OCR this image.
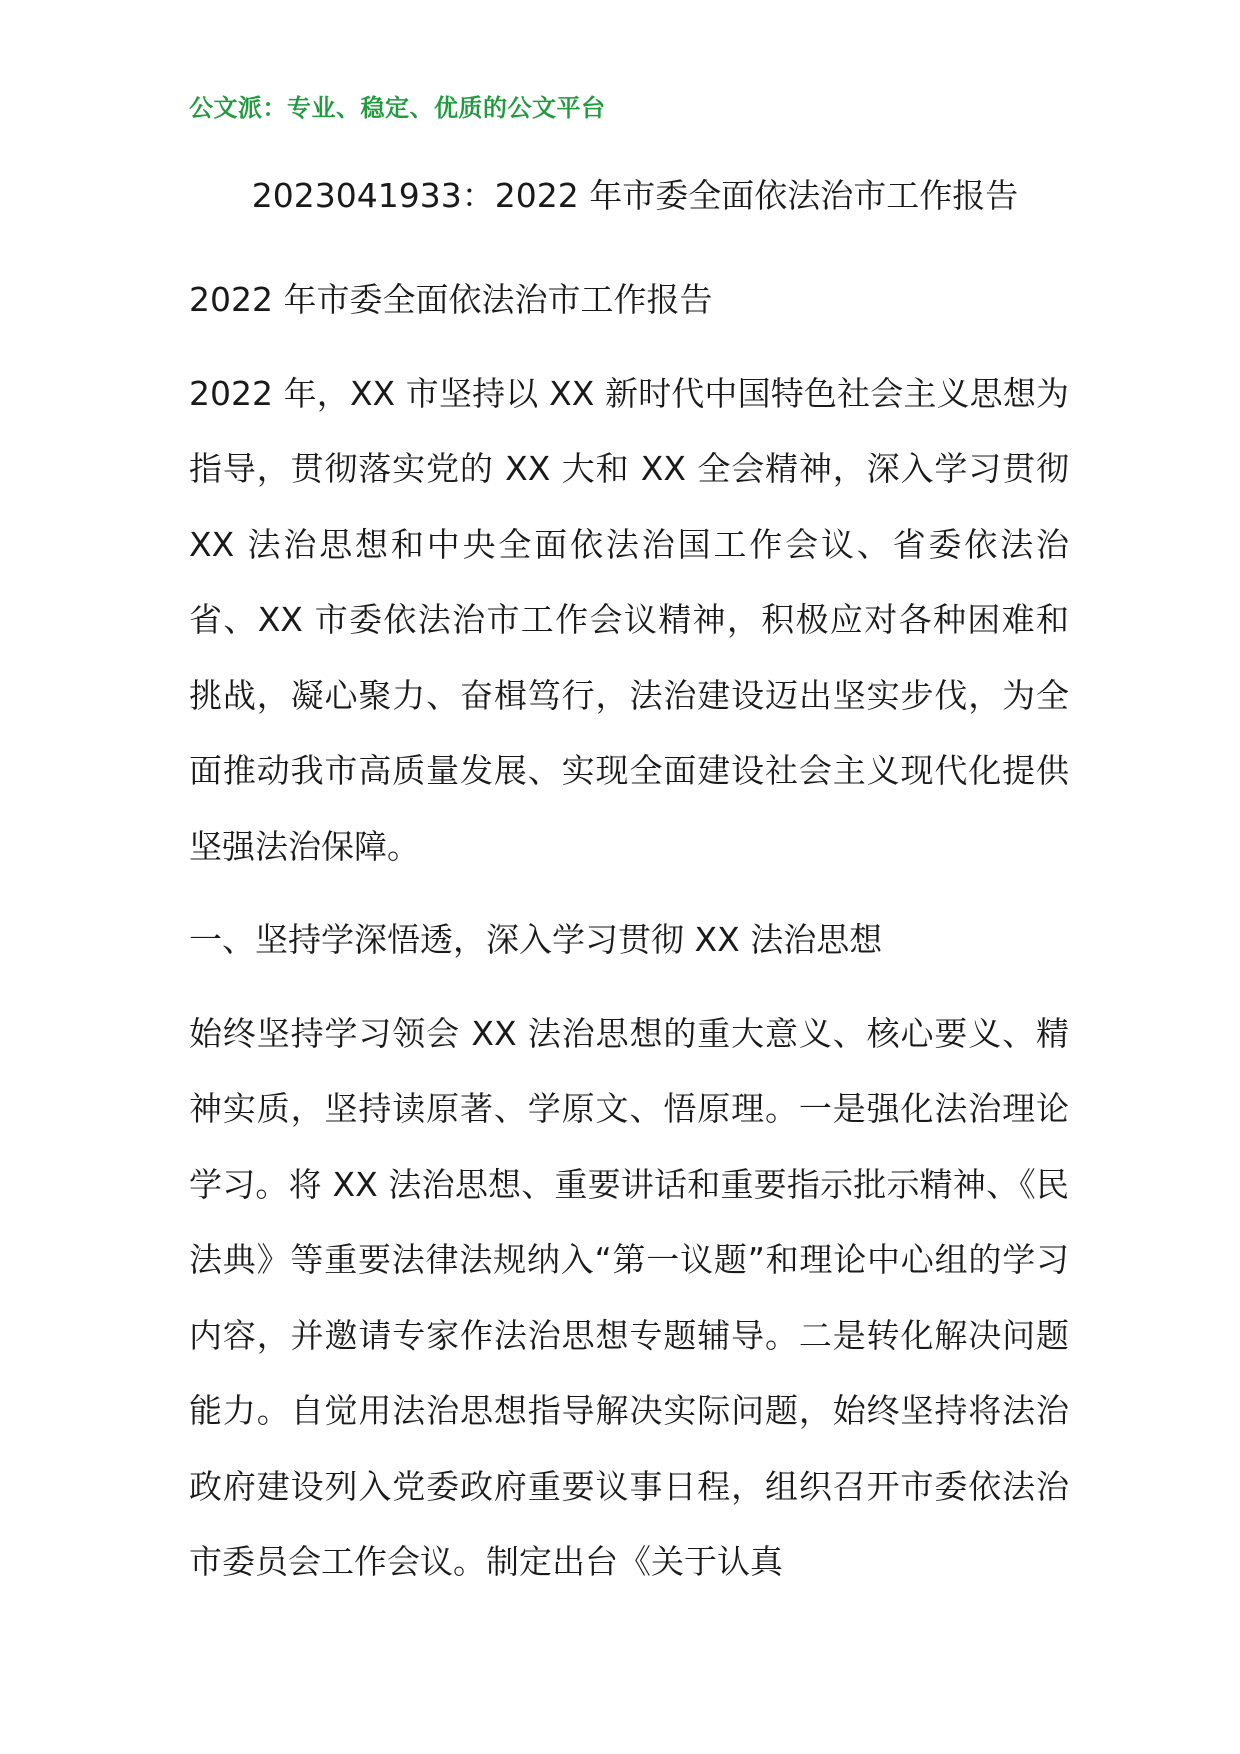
公文派：专业、稳定、优质的公文平台
2023041933：2022 年市委全面依法治市工作报告

2022 年市委全面依法治市工作报告

2022 年，XX 市坚持以 XX 新时代中国特色社会主义思想为指导，贯彻落实党的 XX 大和 XX 全会精神，深入学习贯彻 XX 法治思想和中央全面依法治国工作会议、省委依法治省、XX 市委依法治市工作会议精神，积极应对各种困难和挑战，凝心聚力、奋楫笃行，法治建设迈出坚实步伐，为全面推动我市高质量发展、实现全面建设社会主义现代化提供坚强法治保障。

一、坚持学深悟透，深入学习贯彻 XX 法治思想

始终坚持学习领会 XX 法治思想的重大意义、核心要义、精神实质，坚持读原著、学原文、悟原理。一是强化法治理论学习。将 XX 法治思想、重要讲话和重要指示批示精神、《民法典》等重要法律法规纳入“第一议题”和理论中心组的学习内容，并邀请专家作法治思想专题辅导。二是转化解决问题能力。自觉用法治思想指导解决实际问题，始终坚持将法治政府建设列入党委政府重要议事日程，组织召开市委依法治市委员会工作会议。制定出台《关于认真
